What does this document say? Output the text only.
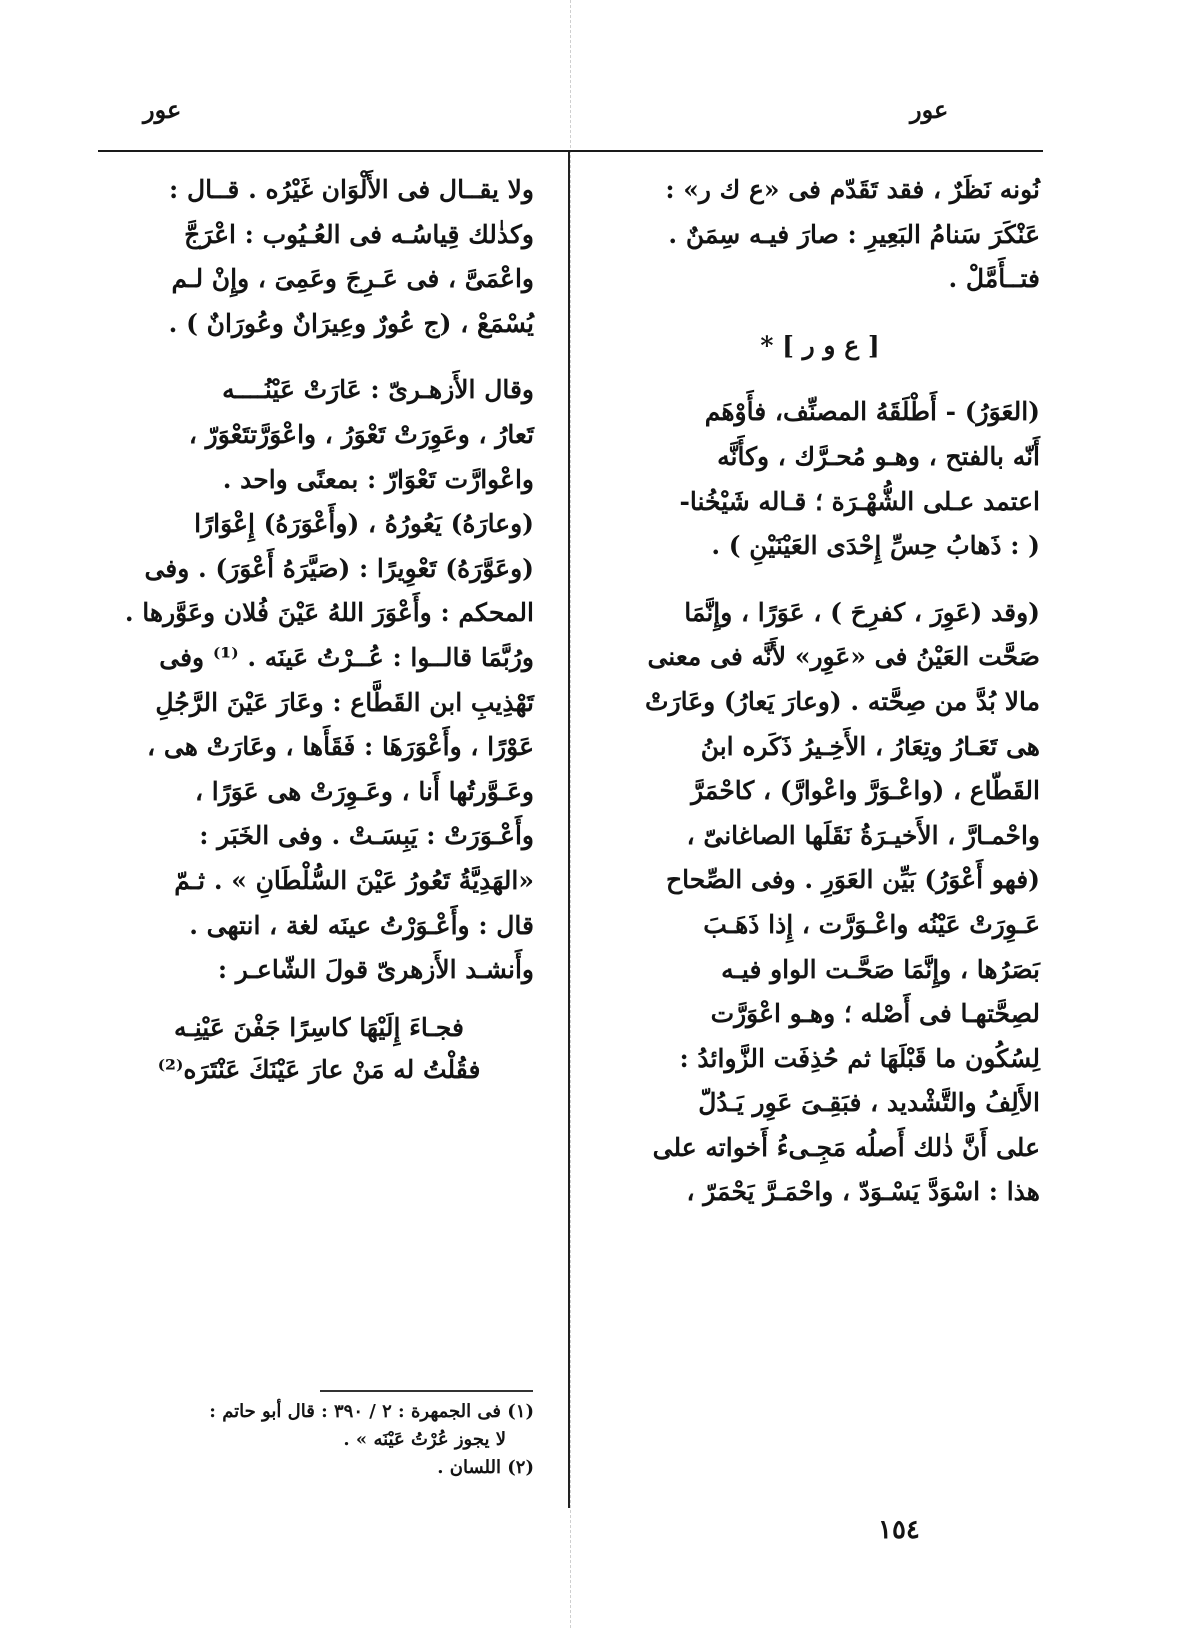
عور	عور

نُونه نَظَرٌ ، فقد تَقَدّم فى «ع ك ر» :

عَنْكَرَ سَنامُ البَعِيرِ : صارَ فيـه سِمَنٌ .

فتــأَمَّلْ .

[ ع و ر ] *

(العَوَرُ) - أَطْلَقَهُ المصنِّف، فأَوْهَم

أَنّه بالفتح ، وهـو مُحـرَّك ، وكأَنَّه

اعتمد عـلى الشُّهْـرَة ؛ قـاله شَيْخُنا-

( : ذَهابُ حِسِّ إِحْدَى العَيْنَيْنِ ) .

(وقد (عَوِرَ ، كفرِحَ ) ، عَوَرًا ، وإِنَّمَا

صَحَّت العَيْنُ فى «عَوِر» لأَنَّه فى معنى

مالا بُدَّ من صِحَّته . (وعارَ يَعارُ) وعَارَتْ

هى تَعَـارُ وتِعَارُ ، الأَخِـيرُ ذَكَره ابنُ

القَطّاع ، (واعْـوَرَّ واعْوارَّ) ، كاحْمَرَّ

واحْمـارَّ ، الأَخيـرَةُ نَقَلَها الصاغانىّ ،

(فهو أَعْوَرُ) بَيِّن العَوَرِ . وفى الصِّحاح

عَـوِرَتْ عَيْنُه واعْـوَرَّت ، إِذا ذَهَـبَ

بَصَرُها ، وإِنَّمَا صَحَّـت الواو فيـه

لصِحَّتهـا فى أَصْله ؛ وهـو اعْوَرَّت

لِسُكُون ما قَبْلَهَا ثم حُذِفَت الزَّوائدُ :

الأَلِفُ والتَّشْديد ، فبَقِـىَ عَوِر يَـدُلّ

على أَنَّ ذٰلك أَصلُه مَجِـىءُ أَخواته على

هذا : اسْوَدَّ يَسْـوَدّ ، واحْمَـرَّ يَحْمَرّ ،

ولا يقــال فى الأَلْوَان غَيْرُه . قــال :

وكذٰلك قِياسُـه فى العُـيُوب : اعْرَجَّ

واعْمَىَّ ، فى عَـرِجَ وعَمِىَ ، وإِنْ لـم

يُسْمَعْ ، (ج عُورٌ وعِيرَانٌ وعُورَانٌ ) .

وقال الأَزهـرىّ : عَارَتْ عَيْنُــــه

تَعارُ ، وعَوِرَتْ تَعْوَرُ ، واعْوَرَّتتَعْوَرّ ،

واعْوارَّت تَعْوَارّ : بمعنًى واحد .

(وعارَهُ) يَعُورُهُ ، (وأَعْوَرَهُ) إِعْوَارًا

(وعَوَّرَهُ) تَعْوِيرًا : (صَيَّرَهُ أَعْوَرَ) . وفى

المحكم : وأَعْوَرَ اللهُ عَيْنَ فُلان وعَوَّرها .

ورُبَّمَا قالــوا : عُــرْتُ عَينَه . ⁽¹⁾ وفى

تَهْذِيبِ ابن القَطَّاع : وعَارَ عَيْنَ الرَّجُلِ

عَوْرًا ، وأَعْوَرَهَا : فَقَأَها ، وعَارَتْ هى ،

وعَـوَّرتُها أَنا ، وعَـوِرَتْ هى عَوَرًا ،

وأَعْـوَرَتْ : يَبِسَـتْ . وفى الخَبَر :

«الهَدِيَّةُ تَعُورُ عَيْنَ السُّلْطَانِ » . ثـمّ

قال : وأَعْـوَرْتُ عينَه لغة ، انتهى .

وأَنشـد الأَزهرىّ قولَ الشّاعـر :

فجـاءَ إِلَيْهَا كاسِرًا جَفْنَ عَيْنِـه

فقُلْتُ له مَنْ عارَ عَيْنَكَ عَنْتَرَه⁽²⁾

(١) فى الجمهرة : ٢ / ٣٩٠ : قال أبو حاتم :

لا يجوز عُرْتُ عَيْنَه » .

(٢) اللسان .

١٥٤
